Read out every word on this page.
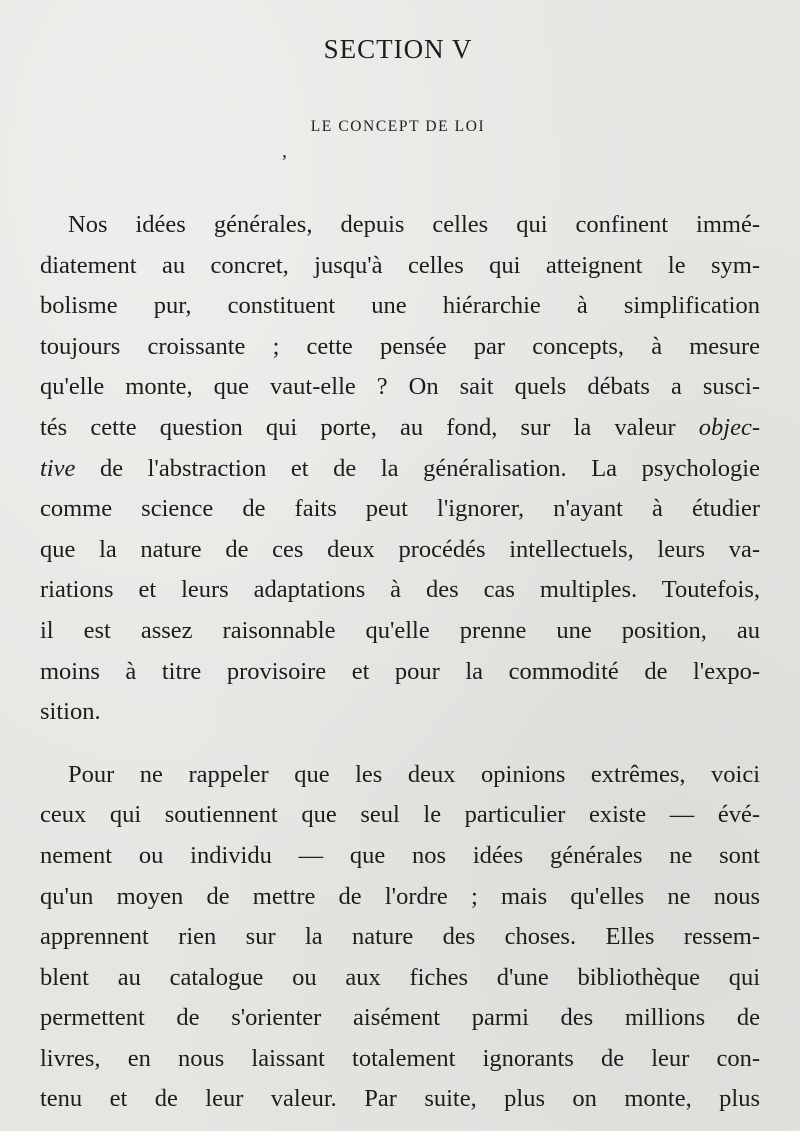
SECTION V
LE CONCEPT DE LOI
,
Nos idées générales, depuis celles qui confinent immé-
diatement au concret, jusqu'à celles qui atteignent le sym-
bolisme pur, constituent une hiérarchie à simplification
toujours croissante ; cette pensée par concepts, à mesure
qu'elle monte, que vaut-elle ? On sait quels débats a susci-
tés cette question qui porte, au fond, sur la valeur objec-
tive de l'abstraction et de la généralisation. La psychologie
comme science de faits peut l'ignorer, n'ayant à étudier
que la nature de ces deux procédés intellectuels, leurs va-
riations et leurs adaptations à des cas multiples. Toutefois,
il est assez raisonnable qu'elle prenne une position, au
moins à titre provisoire et pour la commodité de l'expo-
sition.
Pour ne rappeler que les deux opinions extrêmes, voici
ceux qui soutiennent que seul le particulier existe — évé-
nement ou individu — que nos idées générales ne sont
qu'un moyen de mettre de l'ordre ; mais qu'elles ne nous
apprennent rien sur la nature des choses. Elles ressem-
blent au catalogue ou aux fiches d'une bibliothèque qui
permettent de s'orienter aisément parmi des millions de
livres, en nous laissant totalement ignorants de leur con-
tenu et de leur valeur. Par suite, plus on monte, plus
